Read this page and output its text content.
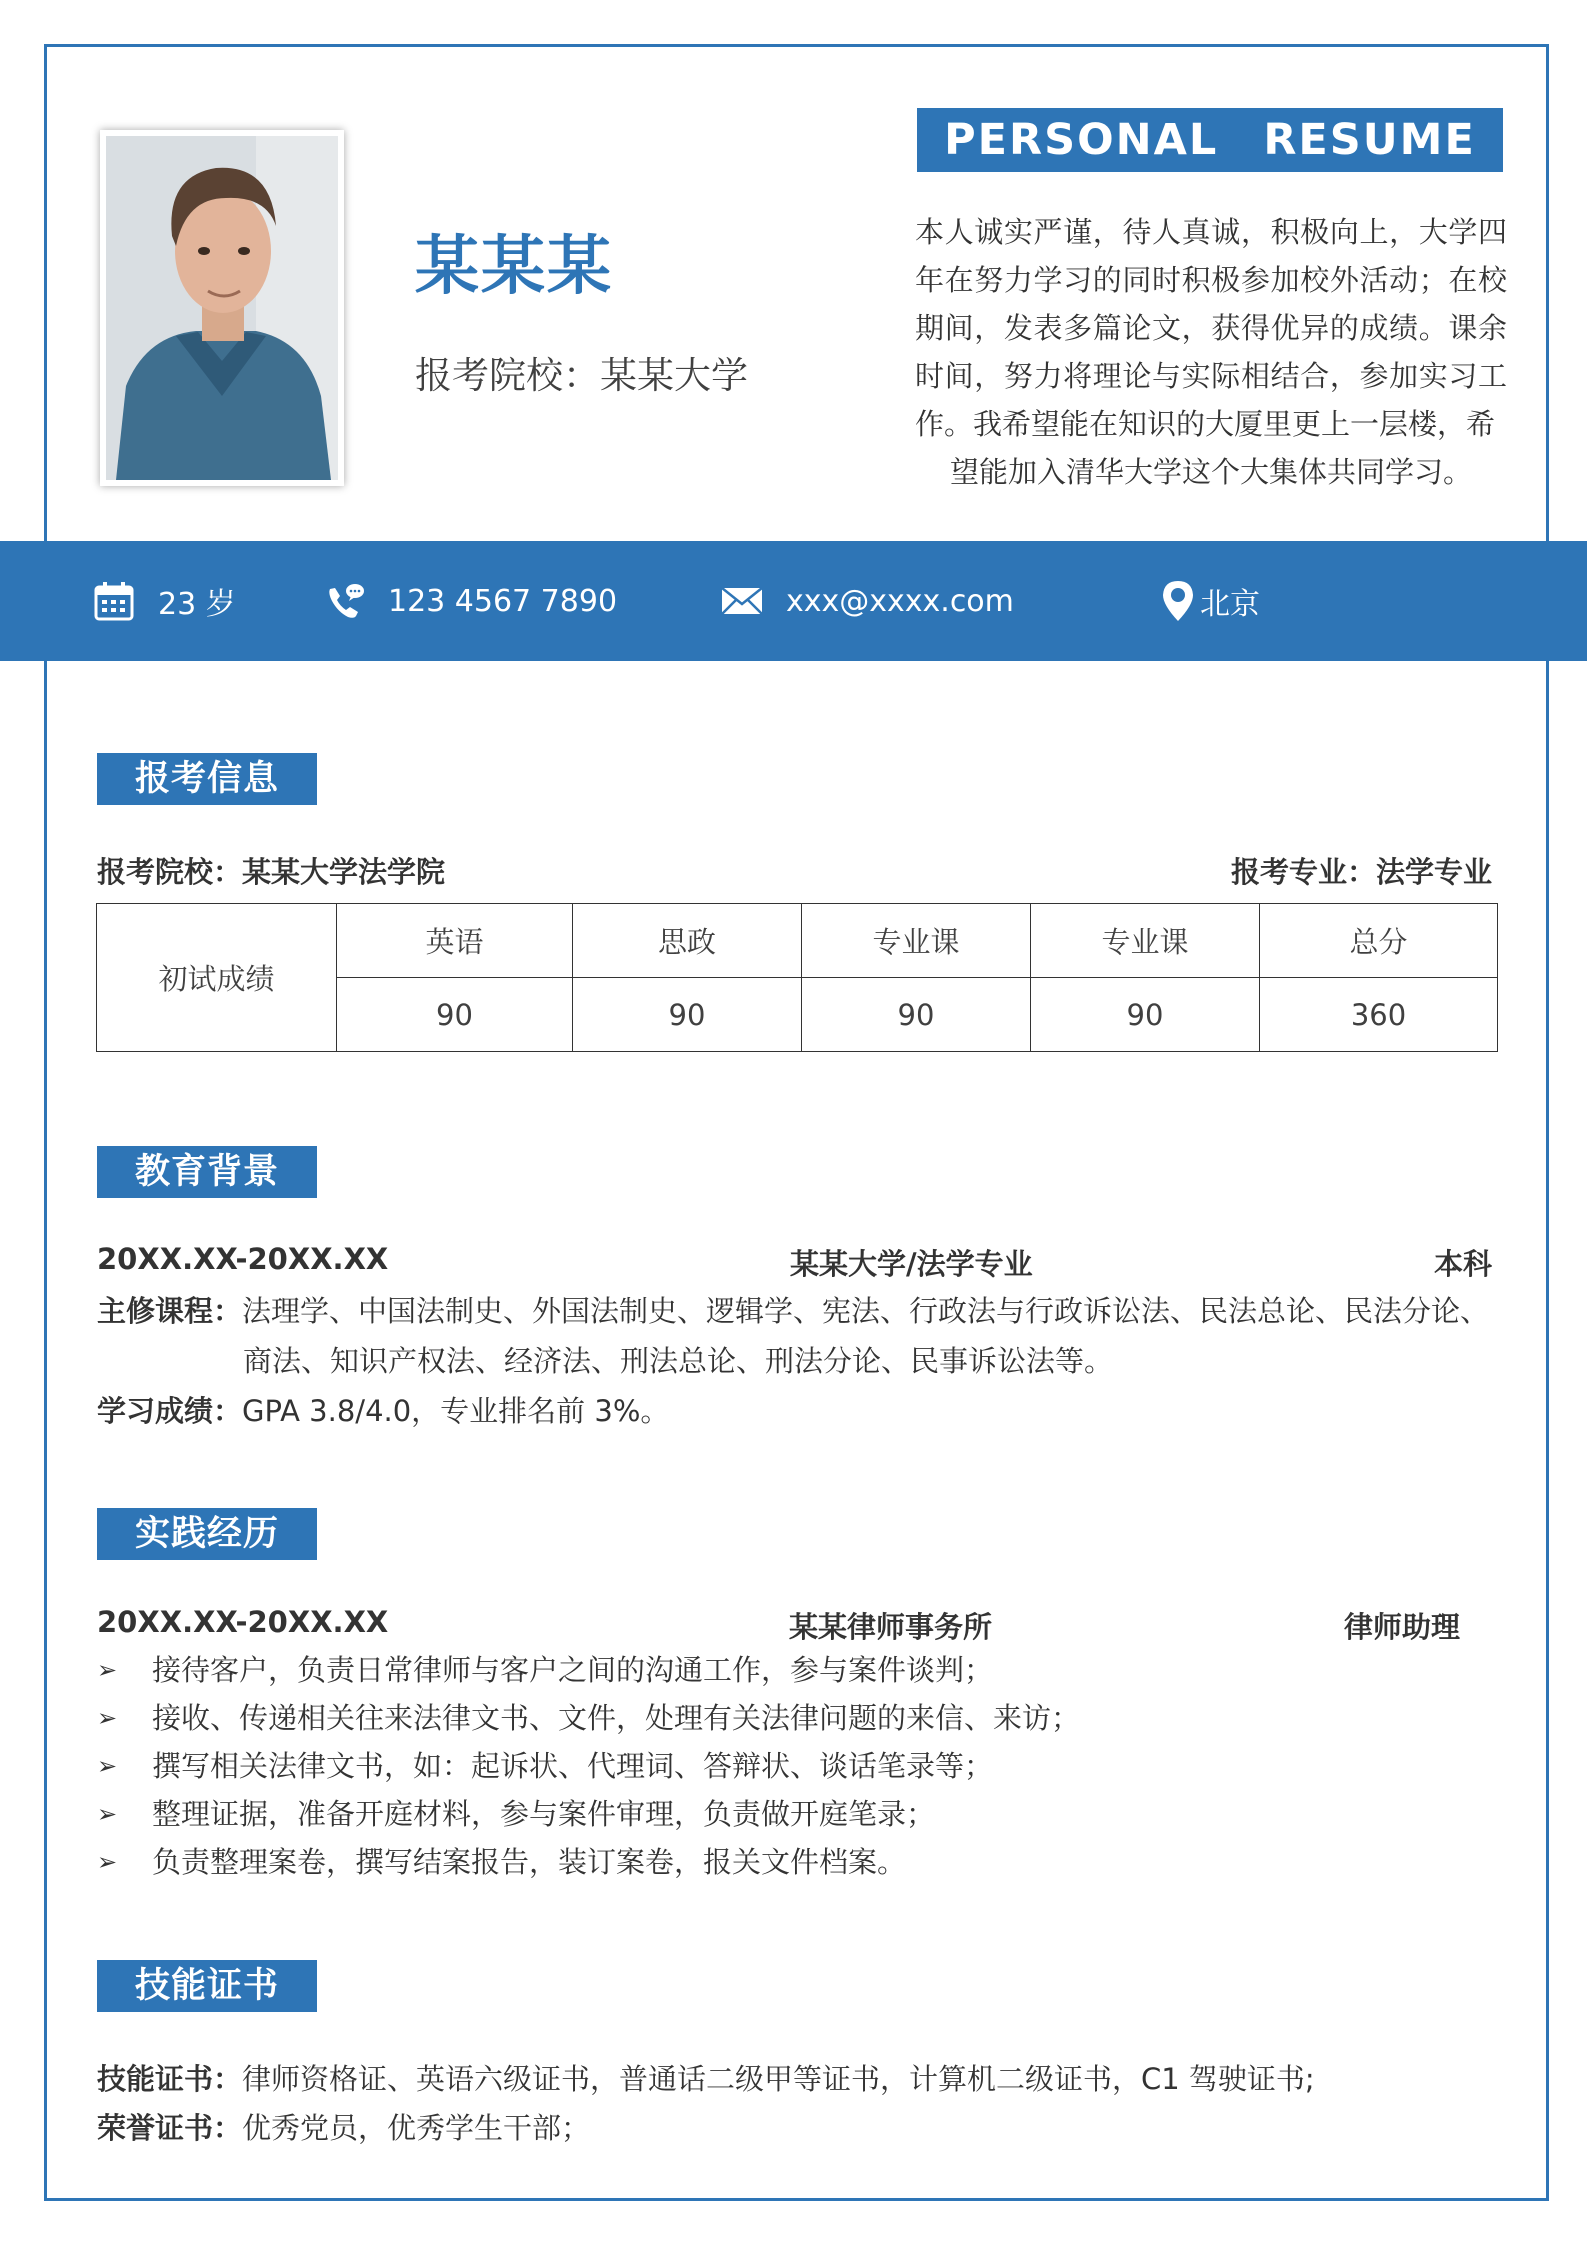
某某某
报考院校：某某大学
PERSONAL　RESUME
本人诚实严谨，待人真诚，积极向上，大学四年在努力学习的同时积极参加校外活动；在校期间，发表多篇论文，获得优异的成绩。课余时间，努力将理论与实际相结合，参加实习工作。我希望能在知识的大厦里更上一层楼，希
望能加入清华大学这个大集体共同学习。
23 岁	123 4567 7890	xxx@xxxx.com	北京
报考信息
报考院校：某某大学法学院	报考专业：法学专业
初试成绩	英语	思政	专业课	专业课	总分
	90	90	90	90	360
教育背景
20XX.XX-20XX.XX	某某大学/法学专业	本科
主修课程：法理学、中国法制史、外国法制史、逻辑学、宪法、行政法与行政诉讼法、民法总论、民法分论、
商法、知识产权法、经济法、刑法总论、刑法分论、民事诉讼法等。
学习成绩：GPA 3.8/4.0，专业排名前 3%。
实践经历
20XX.XX-20XX.XX	某某律师事务所	律师助理
➢	接待客户，负责日常律师与客户之间的沟通工作，参与案件谈判；
➢	接收、传递相关往来法律文书、文件，处理有关法律问题的来信、来访；
➢	撰写相关法律文书，如：起诉状、代理词、答辩状、谈话笔录等；
➢	整理证据，准备开庭材料，参与案件审理，负责做开庭笔录；
➢	负责整理案卷，撰写结案报告，装订案卷，报关文件档案。
技能证书
技能证书：律师资格证、英语六级证书，普通话二级甲等证书，计算机二级证书，C1 驾驶证书;
荣誉证书：优秀党员，优秀学生干部；
